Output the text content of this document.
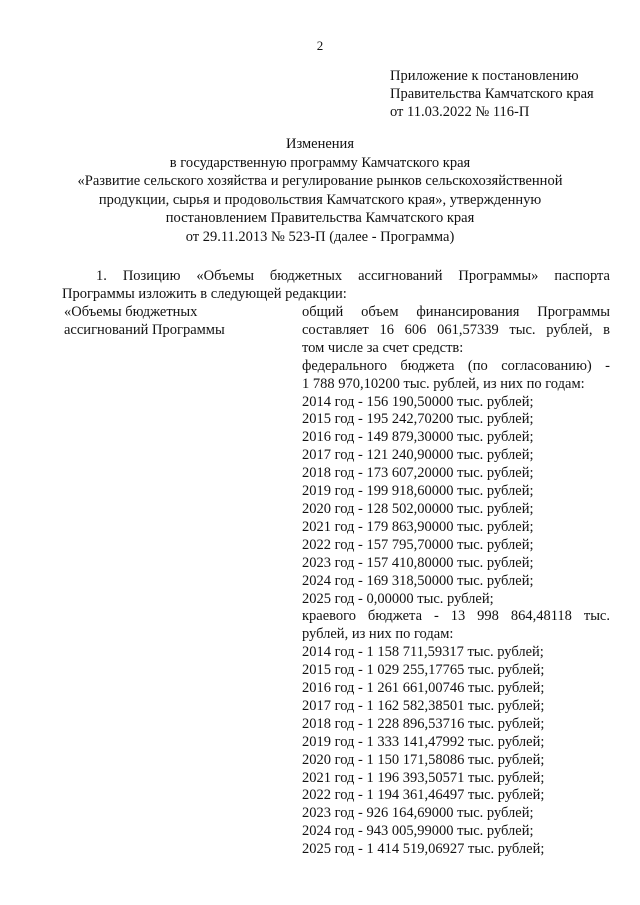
2
Приложение к постановлению
Правительства Камчатского края
от 11.03.2022 № 116-П
Изменения
в государственную программу Камчатского края
«Развитие сельского хозяйства и регулирование рынков сельскохозяйственной
продукции, сырья и продовольствия Камчатского края», утвержденную
постановлением Правительства Камчатского края
от 29.11.2013 № 523-П (далее - Программа)
1. Позицию «Объемы бюджетных ассигнований Программы» паспорта
Программы изложить в следующей редакции:
«Объемы бюджетных
ассигнований Программы
общий объем финансирования Программы
составляет 16 606 061,57339 тыс. рублей, в
том числе за счет средств:
федерального бюджета (по согласованию) -
1 788 970,10200 тыс. рублей, из них по годам:
2014 год - 156 190,50000 тыс. рублей;
2015 год - 195 242,70200 тыс. рублей;
2016 год - 149 879,30000 тыс. рублей;
2017 год - 121 240,90000 тыс. рублей;
2018 год - 173 607,20000 тыс. рублей;
2019 год - 199 918,60000 тыс. рублей;
2020 год - 128 502,00000 тыс. рублей;
2021 год - 179 863,90000 тыс. рублей;
2022 год - 157 795,70000 тыс. рублей;
2023 год - 157 410,80000 тыс. рублей;
2024 год - 169 318,50000 тыс. рублей;
2025 год - 0,00000 тыс. рублей;
краевого бюджета - 13 998 864,48118 тыс.
рублей, из них по годам:
2014 год - 1 158 711,59317 тыс. рублей;
2015 год - 1 029 255,17765 тыс. рублей;
2016 год - 1 261 661,00746 тыс. рублей;
2017 год - 1 162 582,38501 тыс. рублей;
2018 год - 1 228 896,53716 тыс. рублей;
2019 год - 1 333 141,47992 тыс. рублей;
2020 год - 1 150 171,58086 тыс. рублей;
2021 год - 1 196 393,50571 тыс. рублей;
2022 год - 1 194 361,46497 тыс. рублей;
2023 год - 926 164,69000 тыс. рублей;
2024 год - 943 005,99000 тыс. рублей;
2025 год - 1 414 519,06927 тыс. рублей;
